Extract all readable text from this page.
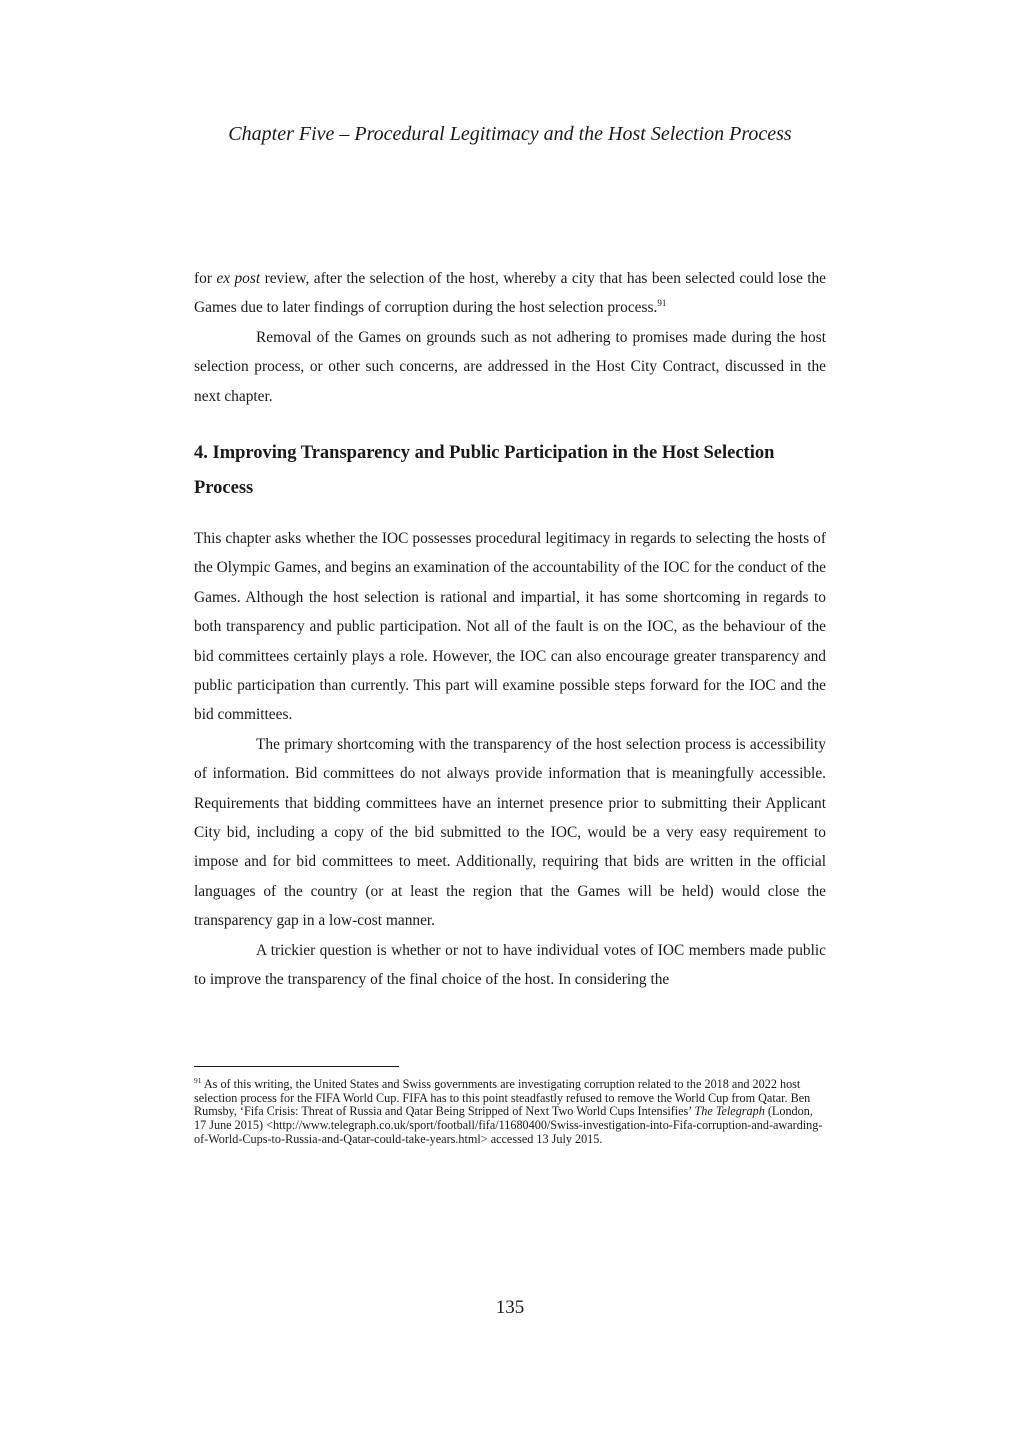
Chapter Five – Procedural Legitimacy and the Host Selection Process

for ex post review, after the selection of the host, whereby a city that has been selected could lose the Games due to later findings of corruption during the host selection process.$^{91}$

Removal of the Games on grounds such as not adhering to promises made during the host selection process, or other such concerns, are addressed in the Host City Contract, discussed in the next chapter.

4. Improving Transparency and Public Participation in the Host Selection Process

This chapter asks whether the IOC possesses procedural legitimacy in regards to selecting the hosts of the Olympic Games, and begins an examination of the accountability of the IOC for the conduct of the Games. Although the host selection is rational and impartial, it has some shortcoming in regards to both transparency and public participation. Not all of the fault is on the IOC, as the behaviour of the bid committees certainly plays a role. However, the IOC can also encourage greater transparency and public participation than currently. This part will examine possible steps forward for the IOC and the bid committees.

The primary shortcoming with the transparency of the host selection process is accessibility of information. Bid committees do not always provide information that is meaningfully accessible. Requirements that bidding committees have an internet presence prior to submitting their Applicant City bid, including a copy of the bid submitted to the IOC, would be a very easy requirement to impose and for bid committees to meet. Additionally, requiring that bids are written in the official languages of the country (or at least the region that the Games will be held) would close the transparency gap in a low-cost manner.

A trickier question is whether or not to have individual votes of IOC members made public to improve the transparency of the final choice of the host. In considering the

$^{91}$ As of this writing, the United States and Swiss governments are investigating corruption related to the 2018 and 2022 host selection process for the FIFA World Cup. FIFA has to this point steadfastly refused to remove the World Cup from Qatar. Ben Rumsby, ‘Fifa Crisis: Threat of Russia and Qatar Being Stripped of Next Two World Cups Intensifies’ The Telegraph (London, 17 June 2015) <http://www.telegraph.co.uk/sport/football/fifa/11680400/Swiss-investigation-into-Fifa-corruption-and-awarding-of-World-Cups-to-Russia-and-Qatar-could-take-years.html> accessed 13 July 2015.

135
